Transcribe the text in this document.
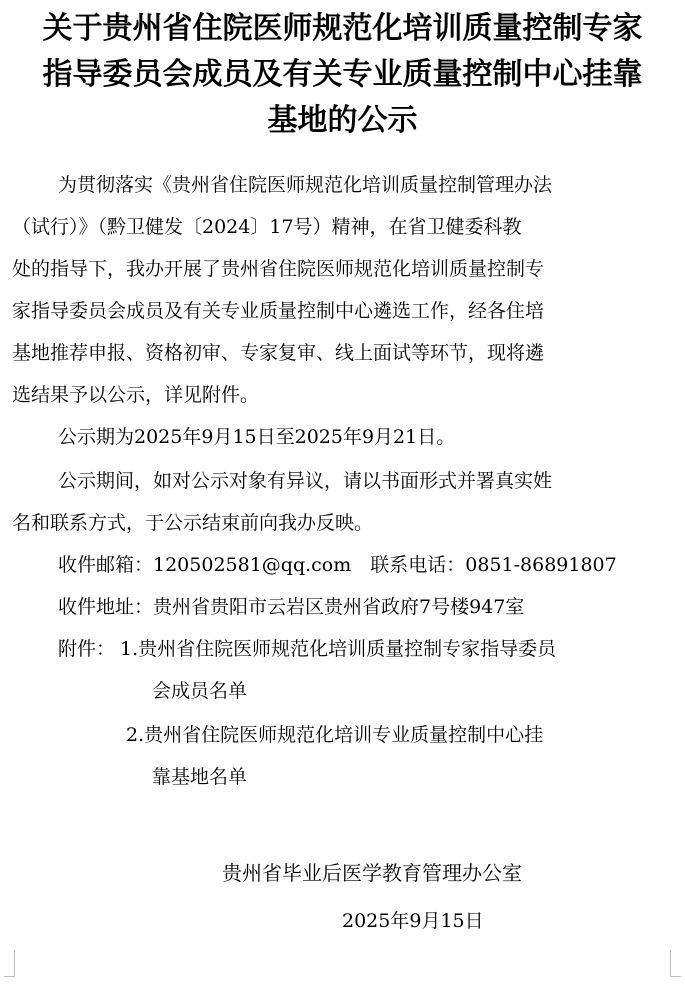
关于贵州省住院医师规范化培训质量控制专家
指导委员会成员及有关专业质量控制中心挂靠
基地的公示
为贯彻落实《贵州省住院医师规范化培训质量控制管理办法
（试行）》（黔卫健发〔2024〕17号）精神，在省卫健委科教
处的指导下，我办开展了贵州省住院医师规范化培训质量控制专
家指导委员会成员及有关专业质量控制中心遴选工作，经各住培
基地推荐申报、资格初审、专家复审、线上面试等环节，现将遴
选结果予以公示，详见附件。
公示期为2025年9月15日至2025年9月21日。
公示期间，如对公示对象有异议，请以书面形式并署真实姓
名和联系方式，于公示结束前向我办反映。
收件邮箱：120502581@qq.com　联系电话：0851-86891807
收件地址：贵州省贵阳市云岩区贵州省政府7号楼947室
附件： 1.贵州省住院医师规范化培训质量控制专家指导委员
会成员名单
2.贵州省住院医师规范化培训专业质量控制中心挂
靠基地名单
贵州省毕业后医学教育管理办公室
2025年9月15日
